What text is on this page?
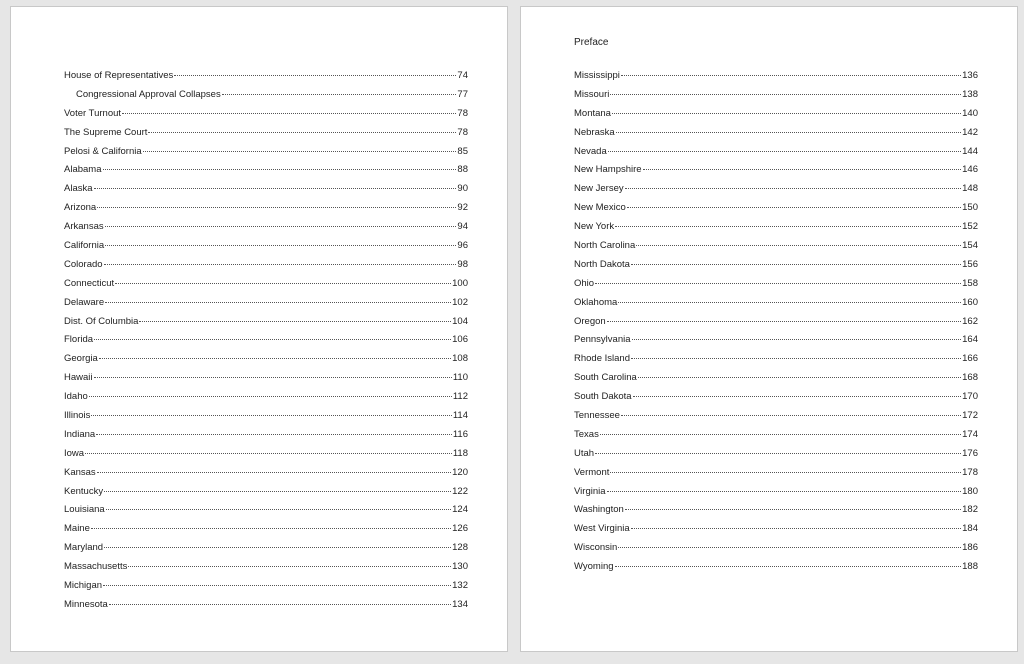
House of Representatives	74
Congressional Approval Collapses	77
Voter Turnout	78
The Supreme Court	78
Pelosi & California	85
Alabama	88
Alaska	90
Arizona	92
Arkansas	94
California	96
Colorado	98
Connecticut	100
Delaware	102
Dist. Of Columbia	104
Florida	106
Georgia	108
Hawaii	110
Idaho	112
Illinois	114
Indiana	116
Iowa	118
Kansas	120
Kentucky	122
Louisiana	124
Maine	126
Maryland	128
Massachusetts	130
Michigan	132
Minnesota	134
Preface
Mississippi	136
Missouri	138
Montana	140
Nebraska	142
Nevada	144
New Hampshire	146
New Jersey	148
New Mexico	150
New York	152
North Carolina	154
North Dakota	156
Ohio	158
Oklahoma	160
Oregon	162
Pennsylvania	164
Rhode Island	166
South Carolina	168
South Dakota	170
Tennessee	172
Texas	174
Utah	176
Vermont	178
Virginia	180
Washington	182
West Virginia	184
Wisconsin	186
Wyoming	188
